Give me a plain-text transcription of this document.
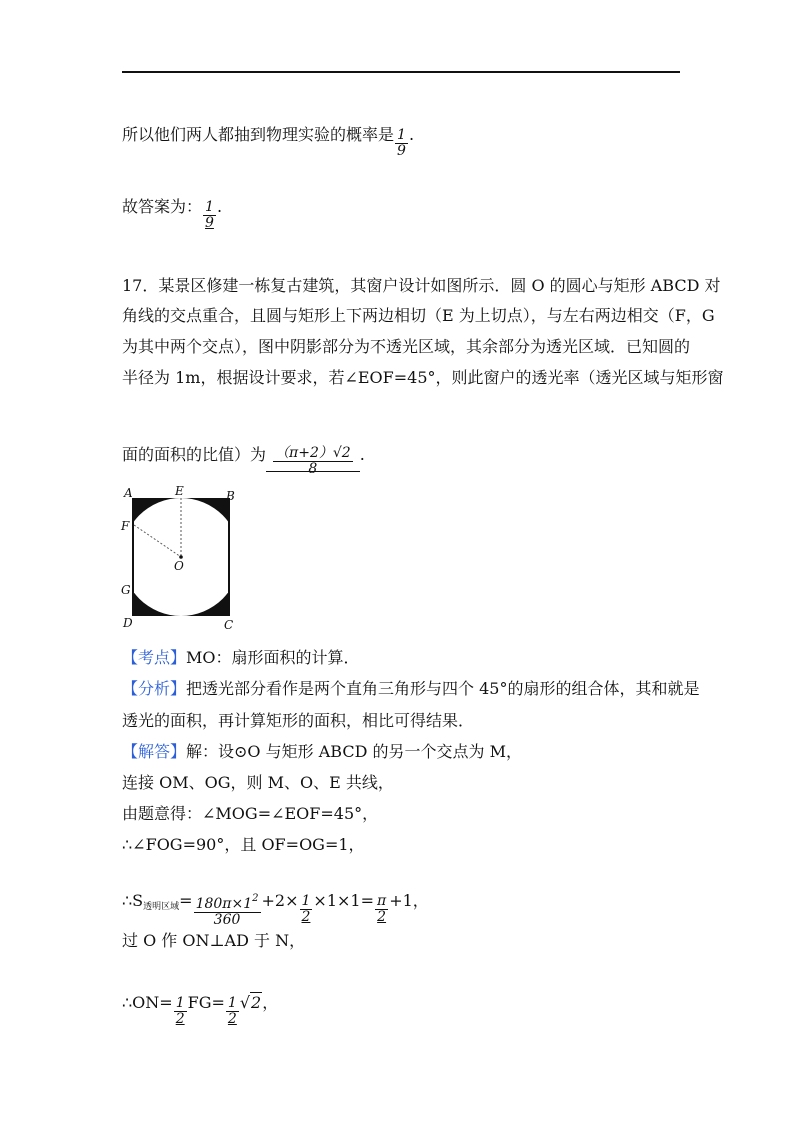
所以他们两人都抽到物理实验的概率是 $\frac{1}{9}$ .
故答案为： $\frac{1}{9}$ .
17．某景区修建一栋复古建筑，其窗户设计如图所示．圆 O 的圆心与矩形 ABCD 对
角线的交点重合，且圆与矩形上下两边相切（E 为上切点），与左右两边相交（F，G
为其中两个交点），图中阴影部分为不透光区域，其余部分为透光区域．已知圆的
半径为 1m，根据设计要求，若∠EOF=45°，则此窗户的透光率（透光区域与矩形窗
面的面积的比值）为 $\frac{(\pi+2)√2}{8}$ .
A	E	B
F
O
G
D	C
【考点】MO：扇形面积的计算．
【分析】把透光部分看作是两个直角三角形与四个 45°的扇形的组合体，其和就是
透光的面积，再计算矩形的面积，相比可得结果．
【解答】解：设⊙O 与矩形 ABCD 的另一个交点为 M，
连接 OM、OG，则 M、O、E 共线，
由题意得：∠MOG=∠EOF=45°，
∴∠FOG=90°，且 OF=OG=1，
$\therefore S_{透明区域}= \frac{180\pi\times 1^2}{360} +2\times \frac{1}{2} \times 1\times 1= \frac{\pi}{2} +1$，
过 O 作 ON⊥AD 于 N，
∴ON= $\frac{1}{2} FG= \frac{1}{2} √2$，
